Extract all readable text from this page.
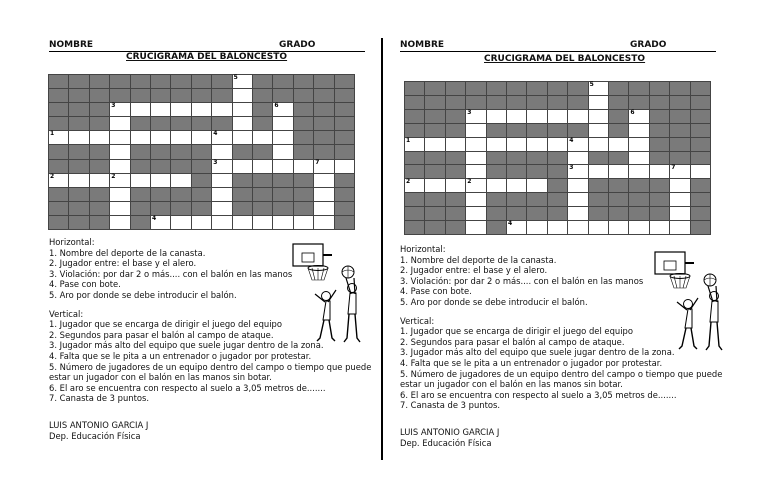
NOMBRE	GRADO
CRUCIGRAMA DEL BALONCESTO
5
3	6
1	4
3	7
2	2
4
Horizontal:
1. Nombre del deporte de la canasta.
2. Jugador entre: el base y el alero.
3. Violación: por dar 2 o más.... con el balón en las manos
4. Pase con bote.
5. Aro por donde se debe introducir el balón.
Vertical:
1. Jugador que se encarga de dirigir el juego del equipo
2. Segundos para pasar el balón al campo de ataque.
3. Jugador más alto del equipo que suele jugar dentro de la zona.
4. Falta que se le pita a un entrenador o jugador por protestar.
5. Número de jugadores de un equipo dentro del campo o tiempo que puede estar un jugador con el balón en las manos sin botar.
6. El aro se encuentra con respecto al suelo a 3,05 metros de.......
7. Canasta de 3 puntos.
LUIS ANTONIO GARCIA J
Dep. Educación Física
NOMBRE	GRADO
CRUCIGRAMA DEL BALONCESTO
5
3	6
1	4
3	7
2	2
4
Horizontal:
1. Nombre del deporte de la canasta.
2. Jugador entre: el base y el alero.
3. Violación: por dar 2 o más.... con el balón en las manos
4. Pase con bote.
5. Aro por donde se debe introducir el balón.
Vertical:
1. Jugador que se encarga de dirigir el juego del equipo
2. Segundos para pasar el balón al campo de ataque.
3. Jugador más alto del equipo que suele jugar dentro de la zona.
4. Falta que se le pita a un entrenador o jugador por protestar.
5. Número de jugadores de un equipo dentro del campo o tiempo que puede estar un jugador con el balón en las manos sin botar.
6. El aro se encuentra con respecto al suelo a 3,05 metros de.......
7. Canasta de 3 puntos.
LUIS ANTONIO GARCIA J
Dep. Educación Física
